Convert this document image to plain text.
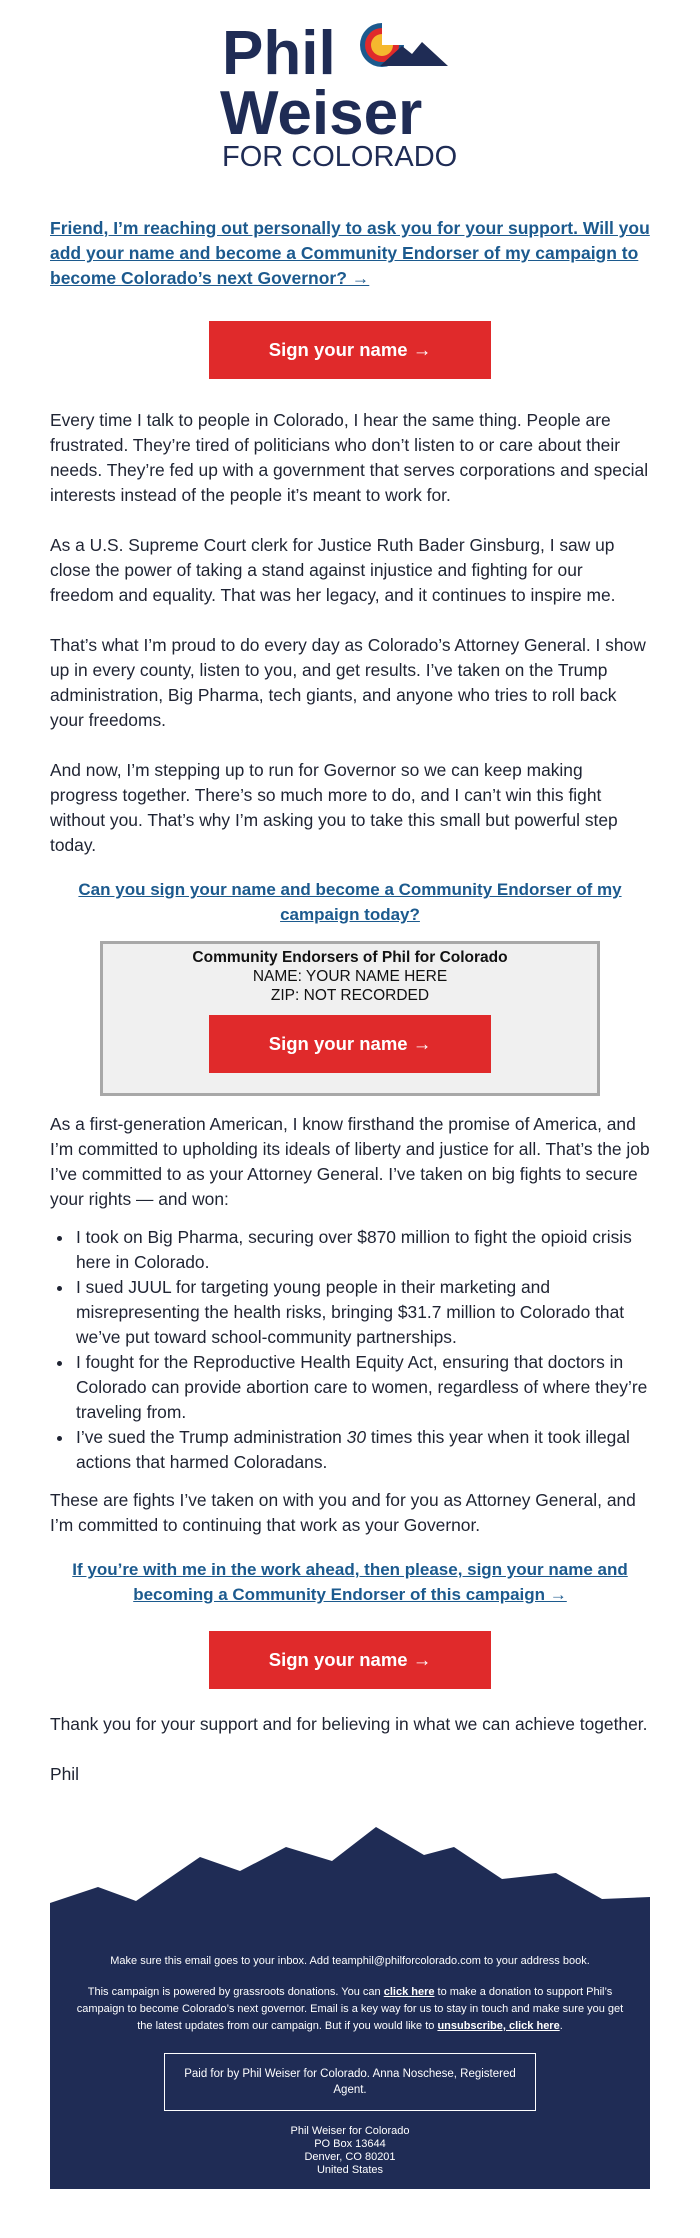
Phil
Weiser
FOR COLORADO
Friend, I’m reaching out personally to ask you for your support. Will you add your name and become a Community Endorser of my campaign to become Colorado’s next Governor? →
Sign your name →

Every time I talk to people in Colorado, I hear the same thing. People are frustrated. They’re tired of politicians who don’t listen to or care about their needs. They’re fed up with a government that serves corporations and special interests instead of the people it’s meant to work for.

As a U.S. Supreme Court clerk for Justice Ruth Bader Ginsburg, I saw up close the power of taking a stand against injustice and fighting for our freedom and equality. That was her legacy, and it continues to inspire me.

That’s what I’m proud to do every day as Colorado’s Attorney General. I show up in every county, listen to you, and get results. I’ve taken on the Trump administration, Big Pharma, tech giants, and anyone who tries to roll back your freedoms.

And now, I’m stepping up to run for Governor so we can keep making progress together. There’s so much more to do, and I can’t win this fight without you. That’s why I’m asking you to take this small but powerful step today.

Can you sign your name and become a Community Endorser of my campaign today?
Community Endorsers of Phil for Colorado
NAME: YOUR NAME HERE
ZIP: NOT RECORDED
Sign your name →

As a first-generation American, I know firsthand the promise of America, and I’m committed to upholding its ideals of liberty and justice for all. That’s the job I’ve committed to as your Attorney General. I’ve taken on big fights to secure your rights — and won:

• I took on Big Pharma, securing over $870 million to fight the opioid crisis here in Colorado.
• I sued JUUL for targeting young people in their marketing and misrepresenting the health risks, bringing $31.7 million to Colorado that we’ve put toward school-community partnerships.
• I fought for the Reproductive Health Equity Act, ensuring that doctors in Colorado can provide abortion care to women, regardless of where they’re traveling from.
• I’ve sued the Trump administration 30 times this year when it took illegal actions that harmed Coloradans.

These are fights I’ve taken on with you and for you as Attorney General, and I’m committed to continuing that work as your Governor.

If you’re with me in the work ahead, then please, sign your name and becoming a Community Endorser of this campaign →
Sign your name →

Thank you for your support and for believing in what we can achieve together.

Phil

Make sure this email goes to your inbox. Add teamphil@philforcolorado.com to your address book.

This campaign is powered by grassroots donations. You can click here to make a donation to support Phil’s campaign to become Colorado’s next governor. Email is a key way for us to stay in touch and make sure you get the latest updates from our campaign. But if you would like to unsubscribe, click here.

Paid for by Phil Weiser for Colorado. Anna Noschese, Registered Agent.

Phil Weiser for Colorado

PO Box 13644

Denver, CO 80201

United States
